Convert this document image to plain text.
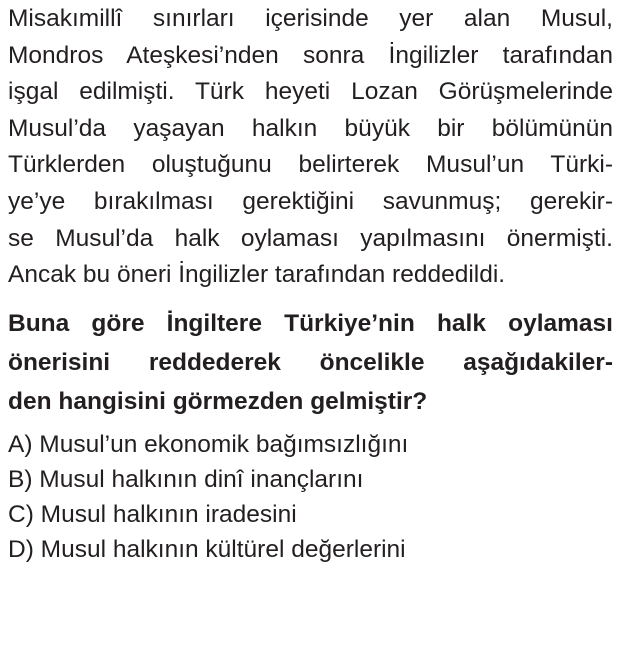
Misakımillî sınırları içerisinde yer alan Musul,
Mondros Ateşkesi’nden sonra İngilizler tarafından
işgal edilmişti. Türk heyeti Lozan Görüşmelerinde
Musul’da yaşayan halkın büyük bir bölümünün
Türklerden oluştuğunu belirterek Musul’un Türki-
ye’ye bırakılması gerektiğini savunmuş; gerekir-
se Musul’da halk oylaması yapılmasını önermişti.
Ancak bu öneri İngilizler tarafından reddedildi.
Buna göre İngiltere Türkiye’nin halk oylaması
önerisini reddederek öncelikle aşağıdakiler-
den hangisini görmezden gelmiştir?
A) Musul’un ekonomik bağımsızlığını
B) Musul halkının dinî inançlarını
C) Musul halkının iradesini
D) Musul halkının kültürel değerlerini
